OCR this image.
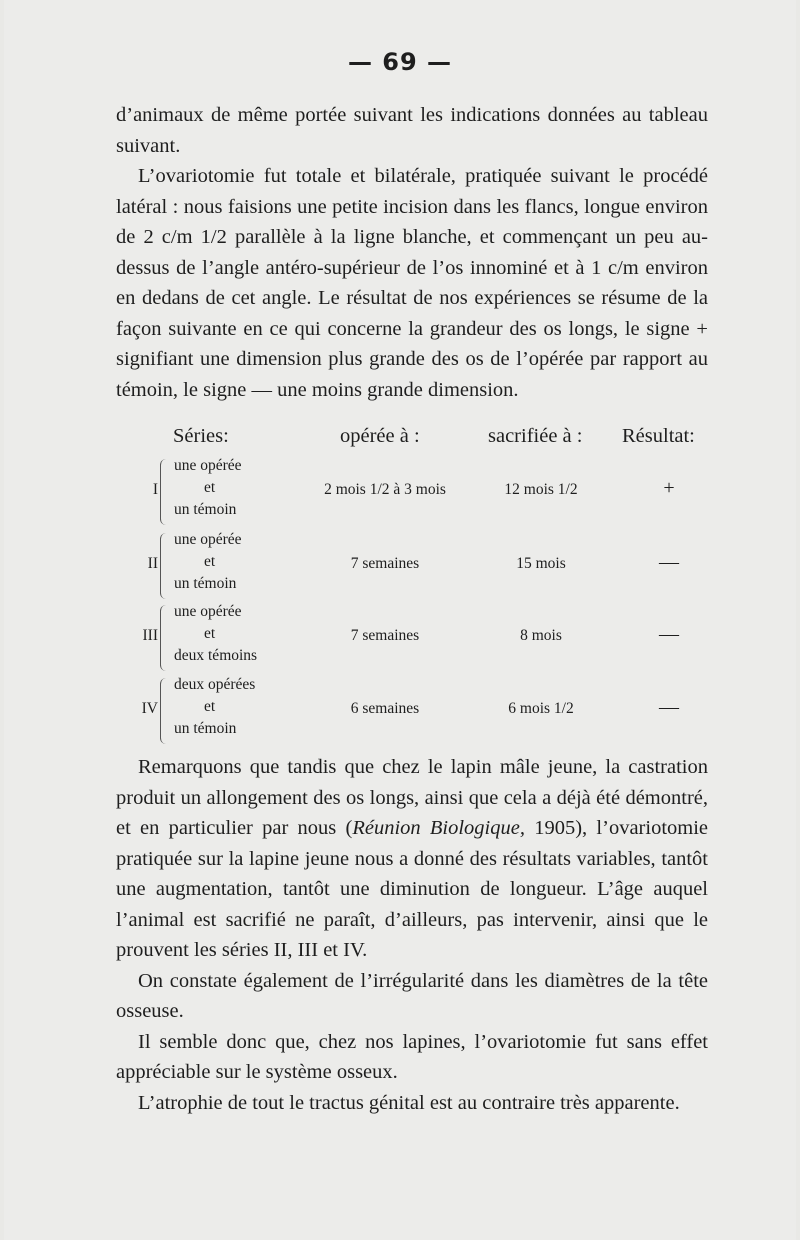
— 69 —

d’animaux de même portée suivant les indications données au tableau suivant.

L’ovariotomie fut totale et bilatérale, pratiquée suivant le procédé latéral : nous faisions une petite incision dans les flancs, longue environ de 2 c/m 1/2 parallèle à la ligne blanche, et commençant un peu au-dessus de l’angle antéro-supérieur de l’os innominé et à 1 c/m environ en dedans de cet angle. Le résultat de nos expériences se résume de la façon suivante en ce qui concerne la grandeur des os longs, le signe + signifiant une dimension plus grande des os de l’opérée par rapport au témoin, le signe — une moins grande dimension.

Séries:	opérée à :	sacrifiée à : Résultat:
I
une opérée
et
un témoin
2 mois 1/2 à 3 mois	12 mois 1/2	+
II
une opérée
et
un témoin
7 semaines	15 mois	—
III
une opérée
et
deux témoins
7 semaines	8 mois	—
IV
deux opérées
et
un témoin
6 semaines	6 mois 1/2	—

Remarquons que tandis que chez le lapin mâle jeune, la castration produit un allongement des os longs, ainsi que cela a déjà été démontré, et en particulier par nous (Réunion Biologique, 1905), l’ovariotomie pratiquée sur la lapine jeune nous a donné des résultats variables, tantôt une augmentation, tantôt une diminution de longueur. L’âge auquel l’animal est sacrifié ne paraît, d’ailleurs, pas intervenir, ainsi que le prouvent les séries II, III et IV.

On constate également de l’irrégularité dans les diamètres de la tête osseuse.

Il semble donc que, chez nos lapines, l’ovariotomie fut sans effet appréciable sur le système osseux.

L’atrophie de tout le tractus génital est au contraire très apparente.
